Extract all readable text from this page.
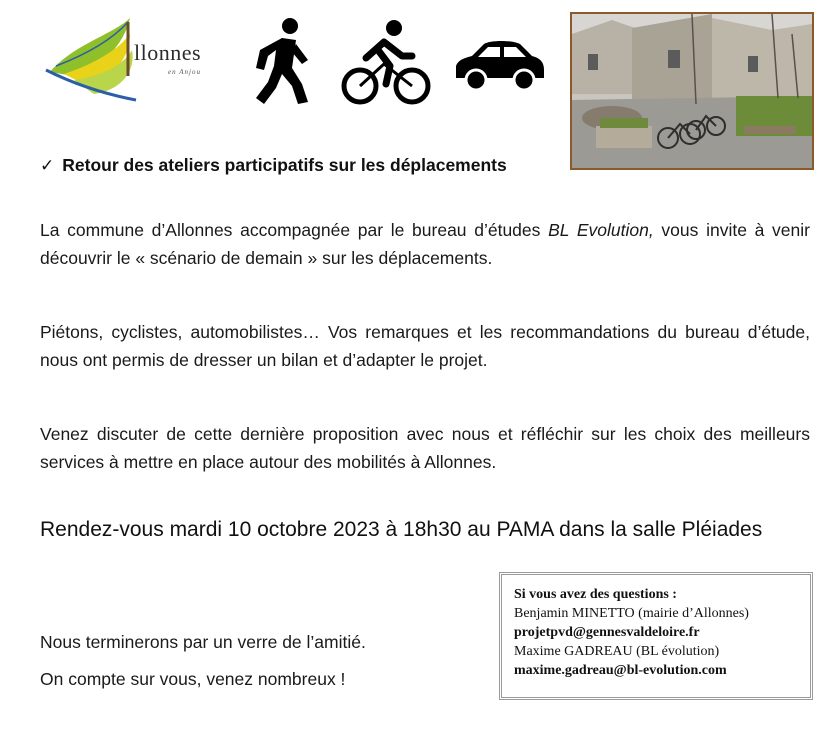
llonnes
en Anjou
✓ Retour des ateliers participatifs sur les déplacements
La commune d’Allonnes accompagnée par le bureau d’études BL Evolution, vous invite à venir découvrir le « scénario de demain » sur les déplacements.
Piétons, cyclistes, automobilistes… Vos remarques et les recommandations du bureau d’étude, nous ont permis de dresser un bilan et d’adapter le projet.
Venez discuter de cette dernière proposition avec nous et réfléchir sur les choix des meilleurs services à mettre en place autour des mobilités à Allonnes.
Rendez-vous mardi 10 octobre 2023 à 18h30 au PAMA dans la salle Pléiades
Nous terminerons par un verre de l’amitié.
On compte sur vous, venez nombreux !
Si vous avez des questions :
Benjamin MINETTO (mairie d’Allonnes)
projetpvd@gennesvaldeloire.fr
Maxime GADREAU (BL évolution)
maxime.gadreau@bl-evolution.com
